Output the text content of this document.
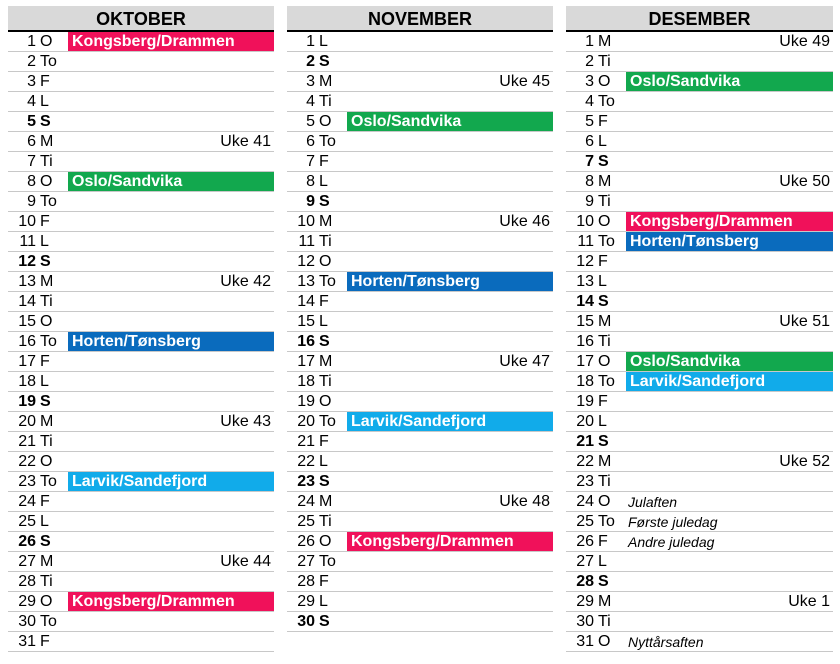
OKTOBER
1 O	Kongsberg/Drammen
2 To
3 F
4 L
5 S
6 M	Uke 41
7 Ti
8 O	Oslo/Sandvika
9 To
10 F
11 L
12 S
13 M	Uke 42
14 Ti
15 O
16 To Horten/Tønsberg
17 F
18 L
19 S
20 M	Uke 43
21 Ti
22 O
23 To Larvik/Sandefjord
24 F
25 L
26 S
27 M	Uke 44
28 Ti
29 O	Kongsberg/Drammen
30 To
31 F
NOVEMBER
1 L
2 S
3 M	Uke 45
4 Ti
5 O	Oslo/Sandvika
6 To
7 F
8 L
9 S
10 M	Uke 46
11 Ti
12 O
13 To Horten/Tønsberg
14 F
15 L
16 S
17 M	Uke 47
18 Ti
19 O
20 To Larvik/Sandefjord
21 F
22 L
23 S
24 M	Uke 48
25 Ti
26 O	Kongsberg/Drammen
27 To
28 F
29 L
30 S
DESEMBER
1 M	Uke 49
2 Ti
3 O	Oslo/Sandvika
4 To
5 F
6 L
7 S
8 M	Uke 50
9 Ti
10 O	Kongsberg/Drammen
11 To Horten/Tønsberg
12 F
13 L
14 S
15 M	Uke 51
16 Ti
17 O	Oslo/Sandvika
18 To Larvik/Sandefjord
19 F
20 L
21 S
22 M	Uke 52
23 Ti
24 O	Julaften
25 To Første juledag
26 F	Andre juledag
27 L
28 S
29 M	Uke 1
30 Ti
31 O	Nyttårsaften
